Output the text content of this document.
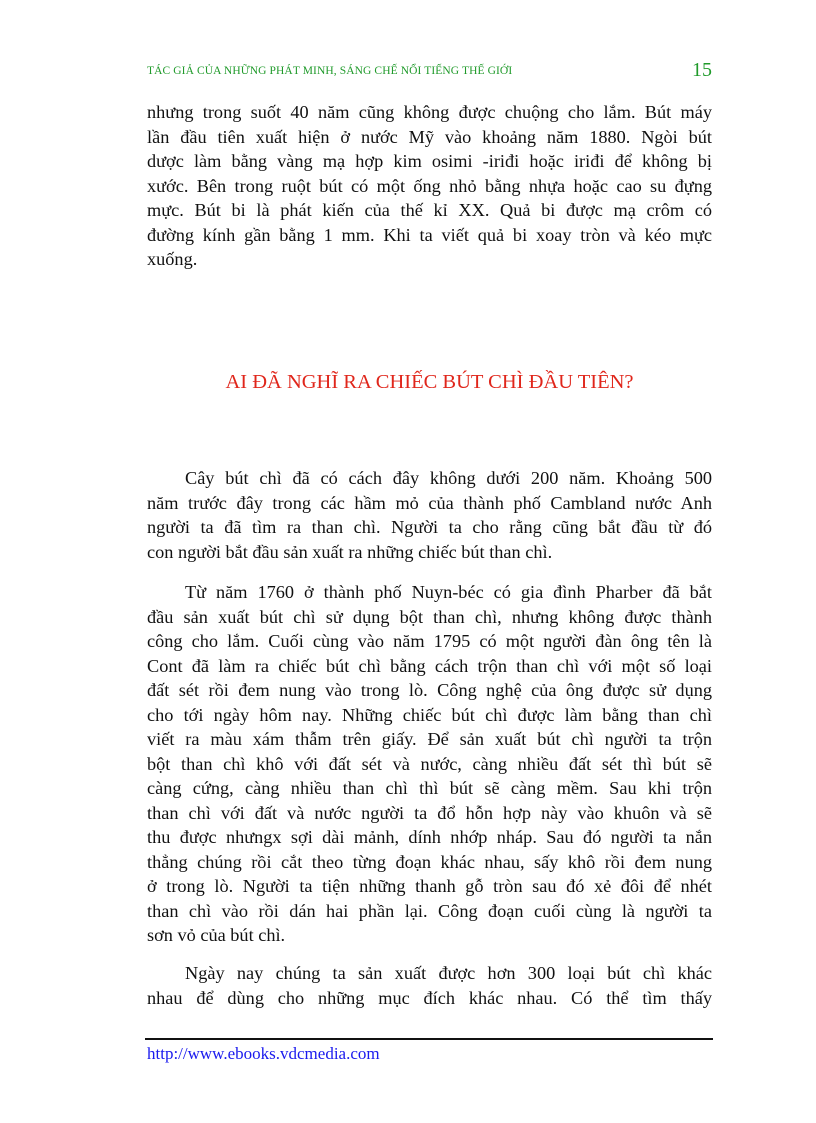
TÁC GIẢ CỦA NHỮNG PHÁT MINH, SÁNG CHẾ NỔI TIẾNG THẾ GIỚI	15
nhưng trong suốt 40 năm cũng không được chuộng cho lắm. Bút máy
lần đầu tiên xuất hiện ở nước Mỹ vào khoảng năm 1880. Ngòi bút
dược làm bằng vàng mạ hợp kim osimi -iriđi hoặc iriđi để không bị
xước. Bên trong ruột bút có một ống nhỏ bằng nhựa hoặc cao su đựng
mực. Bút bi là phát kiến của thế kỉ XX. Quả bi được mạ crôm có
đường kính gần bằng 1 mm. Khi ta viết quả bi xoay tròn và kéo mực
xuống.
AI ĐÃ NGHĨ RA CHIẾC BÚT CHÌ ĐẦU TIÊN?
Cây bút chì đã có cách đây không dưới 200 năm. Khoảng 500
năm trước đây trong các hầm mỏ của thành phố Cambland nước Anh
người ta đã tìm ra than chì. Người ta cho rằng cũng bắt đầu từ đó
con người bắt đầu sản xuất ra những chiếc bút than chì.
Từ năm 1760 ở thành phố Nuyn-béc có gia đình Pharber đã bắt
đầu sản xuất bút chì sử dụng bột than chì, nhưng không được thành
công cho lắm. Cuối cùng vào năm 1795 có một người đàn ông tên là
Cont đã làm ra chiếc bút chì bằng cách trộn than chì với một số loại
đất sét rồi đem nung vào trong lò. Công nghệ của ông được sử dụng
cho tới ngày hôm nay. Những chiếc bút chì được làm bằng than chì
viết ra màu xám thẫm trên giấy. Để sản xuất bút chì người ta trộn
bột than chì khô với đất sét và nước, càng nhiều đất sét thì bút sẽ
càng cứng, càng nhiều than chì thì bút sẽ càng mềm. Sau khi trộn
than chì với đất và nước người ta đổ hỗn hợp này vào khuôn và sẽ
thu được nhưngx sợi dài mảnh, dính nhớp nháp. Sau đó người ta nắn
thẳng chúng rồi cắt theo từng đoạn khác nhau, sấy khô rồi đem nung
ở trong lò. Người ta tiện những thanh gỗ tròn sau đó xẻ đôi để nhét
than chì vào rồi dán hai phần lại. Công đoạn cuối cùng là người ta
sơn vỏ của bút chì.
Ngày nay chúng ta sản xuất được hơn 300 loại bút chì khác
nhau để dùng cho những mục đích khác nhau. Có thể tìm thấy
http://www.ebooks.vdcmedia.com
